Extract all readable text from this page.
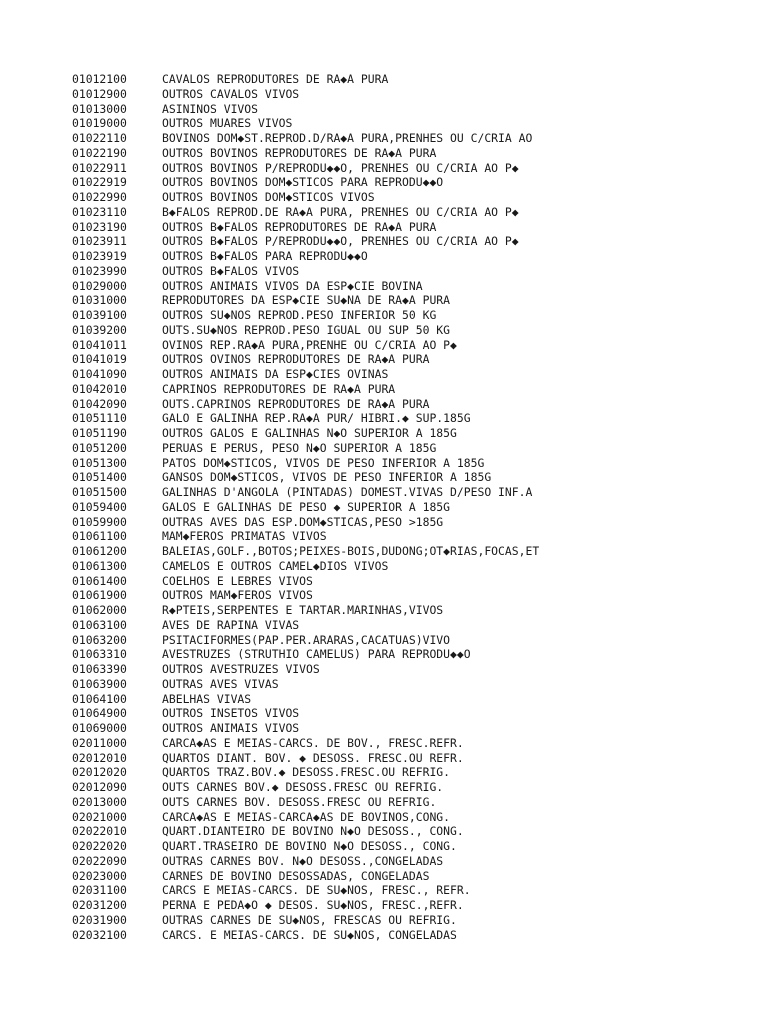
01012100	CAVALOS REPRODUTORES DE RA◆A PURA
01012900	OUTROS CAVALOS VIVOS
01013000	ASININOS VIVOS
01019000	OUTROS MUARES VIVOS
01022110	BOVINOS DOM◆ST.REPROD.D/RA◆A PURA,PRENHES OU C/CRIA AO
01022190	OUTROS BOVINOS REPRODUTORES DE RA◆A PURA
01022911	OUTROS BOVINOS P/REPRODU◆◆O, PRENHES OU C/CRIA AO P◆
01022919	OUTROS BOVINOS DOM◆STICOS PARA REPRODU◆◆O
01022990	OUTROS BOVINOS DOM◆STICOS VIVOS
01023110	B◆FALOS REPROD.DE RA◆A PURA, PRENHES OU C/CRIA AO P◆
01023190	OUTROS B◆FALOS REPRODUTORES DE RA◆A PURA
01023911	OUTROS B◆FALOS P/REPRODU◆◆O, PRENHES OU C/CRIA AO P◆
01023919	OUTROS B◆FALOS PARA REPRODU◆◆O
01023990	OUTROS B◆FALOS VIVOS
01029000	OUTROS ANIMAIS VIVOS DA ESP◆CIE BOVINA
01031000	REPRODUTORES DA ESP◆CIE SU◆NA DE RA◆A PURA
01039100	OUTROS SU◆NOS REPROD.PESO INFERIOR 50 KG
01039200	OUTS.SU◆NOS REPROD.PESO IGUAL OU SUP 50 KG
01041011	OVINOS REP.RA◆A PURA,PRENHE OU C/CRIA AO P◆
01041019	OUTROS OVINOS REPRODUTORES DE RA◆A PURA
01041090	OUTROS ANIMAIS DA ESP◆CIES OVINAS
01042010	CAPRINOS REPRODUTORES DE RA◆A PURA
01042090	OUTS.CAPRINOS REPRODUTORES DE RA◆A PURA
01051110	GALO E GALINHA REP.RA◆A PUR/ HIBRI.◆ SUP.185G
01051190	OUTROS GALOS E GALINHAS N◆O SUPERIOR A 185G
01051200	PERUAS E PERUS, PESO N◆O SUPERIOR A 185G
01051300	PATOS DOM◆STICOS, VIVOS DE PESO INFERIOR A 185G
01051400	GANSOS DOM◆STICOS, VIVOS DE PESO INFERIOR A 185G
01051500	GALINHAS D'ANGOLA (PINTADAS) DOMEST.VIVAS D/PESO INF.A
01059400	GALOS E GALINHAS DE PESO ◆ SUPERIOR A 185G
01059900	OUTRAS AVES DAS ESP.DOM◆STICAS,PESO >185G
01061100	MAM◆FEROS PRIMATAS VIVOS
01061200	BALEIAS,GOLF.,BOTOS;PEIXES-BOIS,DUDONG;OT◆RIAS,FOCAS,ET
01061300	CAMELOS E OUTROS CAMEL◆DIOS VIVOS
01061400	COELHOS E LEBRES VIVOS
01061900	OUTROS MAM◆FEROS VIVOS
01062000	R◆PTEIS,SERPENTES E TARTAR.MARINHAS,VIVOS
01063100	AVES DE RAPINA VIVAS
01063200	PSITACIFORMES(PAP.PER.ARARAS,CACATUAS)VIVO
01063310	AVESTRUZES (STRUTHIO CAMELUS) PARA REPRODU◆◆O
01063390	OUTROS AVESTRUZES VIVOS
01063900	OUTRAS AVES VIVAS
01064100	ABELHAS VIVAS
01064900	OUTROS INSETOS VIVOS
01069000	OUTROS ANIMAIS VIVOS
02011000	CARCA◆AS E MEIAS-CARCS. DE BOV., FRESC.REFR.
02012010	QUARTOS DIANT. BOV. ◆ DESOSS. FRESC.OU REFR.
02012020	QUARTOS TRAZ.BOV.◆ DESOSS.FRESC.OU REFRIG.
02012090	OUTS CARNES BOV.◆ DESOSS.FRESC OU REFRIG.
02013000	OUTS CARNES BOV. DESOSS.FRESC OU REFRIG.
02021000	CARCA◆AS E MEIAS-CARCA◆AS DE BOVINOS,CONG.
02022010	QUART.DIANTEIRO DE BOVINO N◆O DESOSS., CONG.
02022020	QUART.TRASEIRO DE BOVINO N◆O DESOSS., CONG.
02022090	OUTRAS CARNES BOV. N◆O DESOSS.,CONGELADAS
02023000	CARNES DE BOVINO DESOSSADAS, CONGELADAS
02031100	CARCS E MEIAS-CARCS. DE SU◆NOS, FRESC., REFR.
02031200	PERNA E PEDA◆O ◆ DESOS. SU◆NOS, FRESC.,REFR.
02031900	OUTRAS CARNES DE SU◆NOS, FRESCAS OU REFRIG.
02032100	CARCS. E MEIAS-CARCS. DE SU◆NOS, CONGELADAS
